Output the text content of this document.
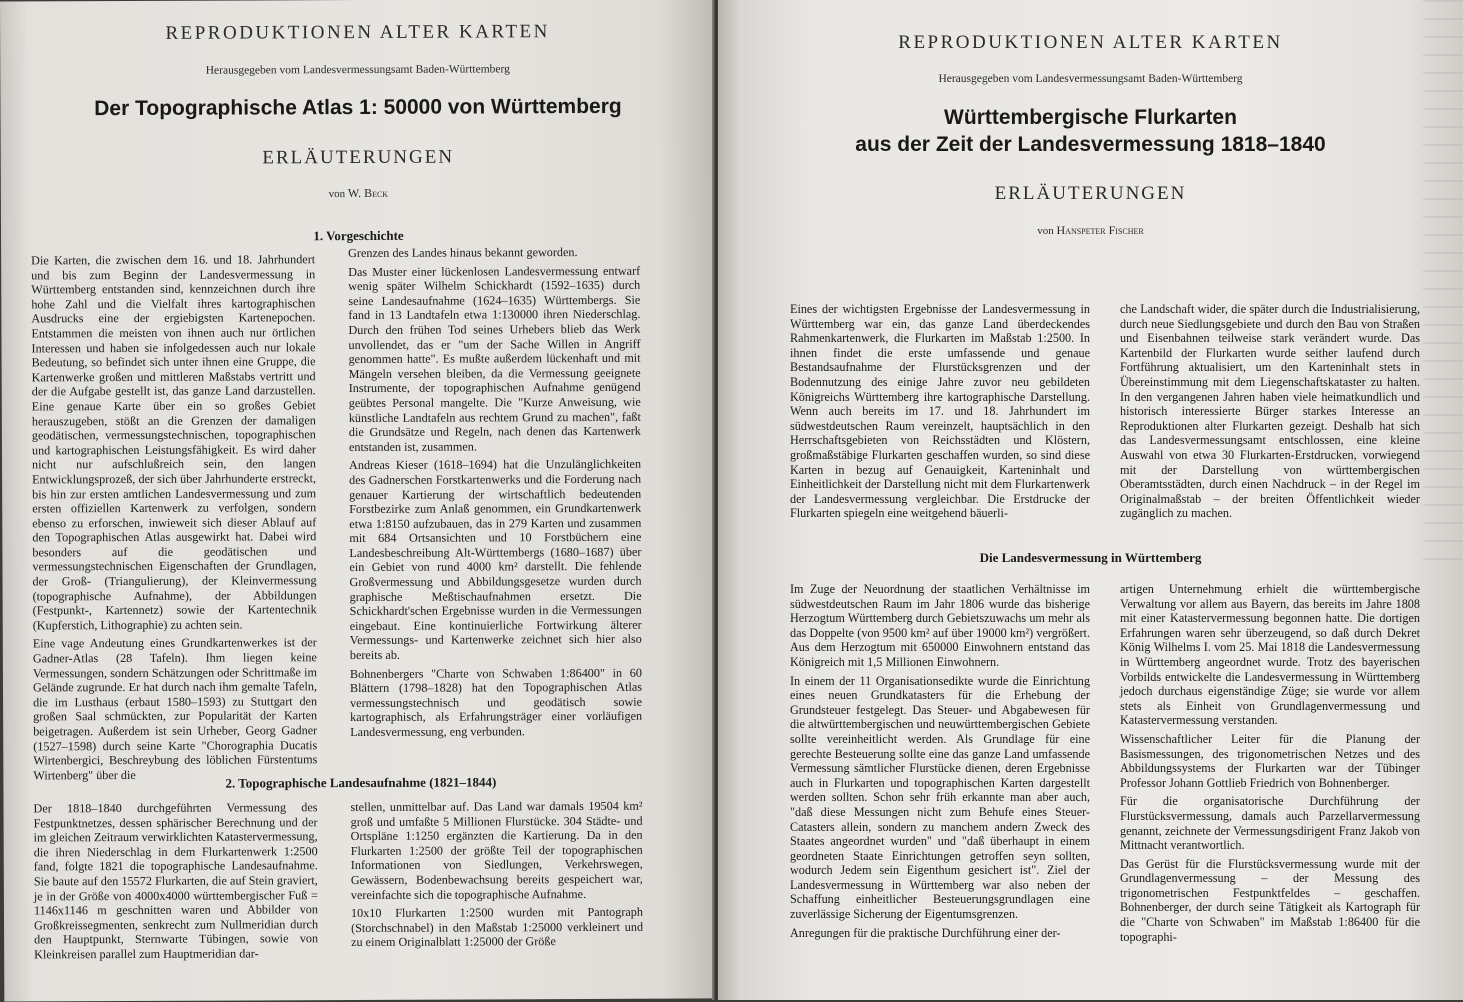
REPRODUKTIONEN ALTER KARTEN
Herausgegeben vom Landesvermessungsamt Baden-Württemberg
Der Topographische Atlas 1: 50000 von Württemberg
ERLÄUTERUNGEN
von W. Beck
1. Vorgeschichte

Die Karten, die zwischen dem 16. und 18. Jahrhundert und bis zum Beginn der Landesvermessung in Württemberg entstanden sind, kennzeichnen durch ihre hohe Zahl und die Vielfalt ihres kartographischen Ausdrucks eine der ergiebigsten Kartenepochen. Entstammen die meisten von ihnen auch nur örtlichen Interessen und haben sie infolgedessen auch nur lokale Bedeutung, so befindet sich unter ihnen eine Gruppe, die Kartenwerke großen und mittleren Maßstabs vertritt und der die Aufgabe gestellt ist, das ganze Land darzustellen. Eine genaue Karte über ein so großes Gebiet herauszugeben, stößt an die Grenzen der damaligen geodätischen, vermessungstechnischen, topographischen und kartographischen Leistungsfähigkeit. Es wird daher nicht nur aufschlußreich sein, den langen Entwicklungsprozeß, der sich über Jahrhunderte erstreckt, bis hin zur ersten amtlichen Landesvermessung und zum ersten offiziellen Kartenwerk zu verfolgen, sondern ebenso zu erforschen, inwieweit sich dieser Ablauf auf den Topographischen Atlas ausgewirkt hat. Dabei wird besonders auf die geodätischen und vermessungstechnischen Eigenschaften der Grundlagen, der Groß- (Triangulierung), der Kleinvermessung (topographische Aufnahme), der Abbildungen (Festpunkt-, Kartennetz) sowie der Kartentechnik (Kupferstich, Lithographie) zu achten sein.

Eine vage Andeutung eines Grundkartenwerkes ist der Gadner-Atlas (28 Tafeln). Ihm liegen keine Vermessungen, sondern Schätzungen oder Schrittmaße im Gelände zugrunde. Er hat durch nach ihm gemalte Tafeln, die im Lusthaus (erbaut 1580–1593) zu Stuttgart den großen Saal schmückten, zur Popularität der Karten beigetragen. Außerdem ist sein Urheber, Georg Gadner (1527–1598) durch seine Karte "Chorographia Ducatis Wirtenbergici, Beschreybung des löblichen Fürstentums Wirtenberg" über die

Grenzen des Landes hinaus bekannt geworden.

Das Muster einer lückenlosen Landesvermessung entwarf wenig später Wilhelm Schickhardt (1592–1635) durch seine Landesaufnahme (1624–1635) Württembergs. Sie fand in 13 Landtafeln etwa 1:130000 ihren Niederschlag. Durch den frühen Tod seines Urhebers blieb das Werk unvollendet, das er "um der Sache Willen in Angriff genommen hatte". Es mußte außerdem lückenhaft und mit Mängeln versehen bleiben, da die Vermessung geeignete Instrumente, der topographischen Aufnahme genügend geübtes Personal mangelte. Die "Kurze Anweisung, wie künstliche Landtafeln aus rechtem Grund zu machen", faßt die Grundsätze und Regeln, nach denen das Kartenwerk entstanden ist, zusammen.

Andreas Kieser (1618–1694) hat die Unzulänglichkeiten des Gadnerschen Forstkartenwerks und die Forderung nach genauer Kartierung der wirtschaftlich bedeutenden Forstbezirke zum Anlaß genommen, ein Grundkartenwerk etwa 1:8150 aufzubauen, das in 279 Karten und zusammen mit 684 Ortsansichten und 10 Forstbüchern eine Landesbeschreibung Alt-Württembergs (1680–1687) über ein Gebiet von rund 4000 km² darstellt. Die fehlende Großvermessung und Abbildungsgesetze wurden durch graphische Meßtischaufnahmen ersetzt. Die Schickhardt'schen Ergebnisse wurden in die Vermessungen eingebaut. Eine kontinuierliche Fortwirkung älterer Vermessungs- und Kartenwerke zeichnet sich hier also bereits ab.

Bohnenbergers "Charte von Schwaben 1:86400" in 60 Blättern (1798–1828) hat den Topographischen Atlas vermessungstechnisch und geodätisch sowie kartographisch, als Erfahrungsträger einer vorläufigen Landesvermessung, eng verbunden.

2. Topographische Landesaufnahme (1821–1844)

Der 1818–1840 durchgeführten Vermessung des Festpunktnetzes, dessen sphärischer Berechnung und der im gleichen Zeitraum verwirklichten Katastervermessung, die ihren Niederschlag in dem Flurkartenwerk 1:2500 fand, folgte 1821 die topographische Landesaufnahme. Sie baute auf den 15572 Flurkarten, die auf Stein graviert, je in der Größe von 4000x4000 württembergischer Fuß = 1146x1146 m geschnitten waren und Abbilder von Großkreissegmenten, senkrecht zum Nullmeridian durch den Hauptpunkt, Sternwarte Tübingen, sowie von Kleinkreisen parallel zum Hauptmeridian dar-

stellen, unmittelbar auf. Das Land war damals 19504 km² groß und umfaßte 5 Millionen Flurstücke. 304 Städte- und Ortspläne 1:1250 ergänzten die Kartierung. Da in den Flurkarten 1:2500 der größte Teil der topographischen Informationen von Siedlungen, Verkehrswegen, Gewässern, Bodenbewachsung bereits gespeichert war, vereinfachte sich die topographische Aufnahme.

10x10 Flurkarten 1:2500 wurden mit Pantograph (Storchschnabel) in den Maßstab 1:25000 verkleinert und zu einem Originalblatt 1:25000 der Größe

REPRODUKTIONEN ALTER KARTEN
Herausgegeben vom Landesvermessungsamt Baden-Württemberg
Württembergische Flurkarten
aus der Zeit der Landesvermessung 1818–1840
ERLÄUTERUNGEN
von Hanspeter Fischer

Eines der wichtigsten Ergebnisse der Landesvermessung in Württemberg war ein, das ganze Land überdeckendes Rahmenkartenwerk, die Flurkarten im Maßstab 1:2500. In ihnen findet die erste umfassende und genaue Bestandsaufnahme der Flurstücksgrenzen und der Bodennutzung des einige Jahre zuvor neu gebildeten Königreichs Württemberg ihre kartographische Darstellung. Wenn auch bereits im 17. und 18. Jahrhundert im südwestdeutschen Raum vereinzelt, hauptsächlich in den Herrschaftsgebieten von Reichsstädten und Klöstern, großmaßstäbige Flurkarten geschaffen wurden, so sind diese Karten in bezug auf Genauigkeit, Karteninhalt und Einheitlichkeit der Darstellung nicht mit dem Flurkartenwerk der Landesvermessung vergleichbar. Die Erstdrucke der Flurkarten spiegeln eine weitgehend bäuerli-

che Landschaft wider, die später durch die Industrialisierung, durch neue Siedlungsgebiete und durch den Bau von Straßen und Eisenbahnen teilweise stark verändert wurde. Das Kartenbild der Flurkarten wurde seither laufend durch Fortführung aktualisiert, um den Karteninhalt stets in Übereinstimmung mit dem Liegenschaftskataster zu halten. In den vergangenen Jahren haben viele heimatkundlich und historisch interessierte Bürger starkes Interesse an Reproduktionen alter Flurkarten gezeigt. Deshalb hat sich das Landesvermessungsamt entschlossen, eine kleine Auswahl von etwa 30 Flurkarten-Erstdrucken, vorwiegend mit der Darstellung von württembergischen Oberamtsstädten, durch einen Nachdruck – in der Regel im Originalmaßstab – der breiten Öffentlichkeit wieder zugänglich zu machen.

Die Landesvermessung in Württemberg

Im Zuge der Neuordnung der staatlichen Verhältnisse im südwestdeutschen Raum im Jahr 1806 wurde das bisherige Herzogtum Württemberg durch Gebietszuwachs um mehr als das Doppelte (von 9500 km² auf über 19000 km²) vergrößert. Aus dem Herzogtum mit 650000 Einwohnern entstand das Königreich mit 1,5 Millionen Einwohnern.

In einem der 11 Organisationsedikte wurde die Einrichtung eines neuen Grundkatasters für die Erhebung der Grundsteuer festgelegt. Das Steuer- und Abgabewesen für die altwürttembergischen und neuwürttembergischen Gebiete sollte vereinheitlicht werden. Als Grundlage für eine gerechte Besteuerung sollte eine das ganze Land umfassende Vermessung sämtlicher Flurstücke dienen, deren Ergebnisse auch in Flurkarten und topographischen Karten dargestellt werden sollten. Schon sehr früh erkannte man aber auch, "daß diese Messungen nicht zum Behufe eines Steuer-Catasters allein, sondern zu manchem andern Zweck des Staates angeordnet wurden" und "daß überhaupt in einem geordneten Staate Einrichtungen getroffen seyn sollten, wodurch Jedem sein Eigenthum gesichert ist". Ziel der Landesvermessung in Württemberg war also neben der Schaffung einheitlicher Besteuerungsgrundlagen eine zuverlässige Sicherung der Eigentumsgrenzen.

Anregungen für die praktische Durchführung einer der-

artigen Unternehmung erhielt die württembergische Verwaltung vor allem aus Bayern, das bereits im Jahre 1808 mit einer Katastervermessung begonnen hatte. Die dortigen Erfahrungen waren sehr überzeugend, so daß durch Dekret König Wilhelms I. vom 25. Mai 1818 die Landesvermessung in Württemberg angeordnet wurde. Trotz des bayerischen Vorbilds entwickelte die Landesvermessung in Württemberg jedoch durchaus eigenständige Züge; sie wurde vor allem stets als Einheit von Grundlagenvermessung und Katastervermessung verstanden.

Wissenschaftlicher Leiter für die Planung der Basismessungen, des trigonometrischen Netzes und des Abbildungssystems der Flurkarten war der Tübinger Professor Johann Gottlieb Friedrich von Bohnenberger.

Für die organisatorische Durchführung der Flurstücksvermessung, damals auch Parzellarvermessung genannt, zeichnete der Vermessungsdirigent Franz Jakob von Mittnacht verantwortlich.

Das Gerüst für die Flurstücksvermessung wurde mit der Grundlagenvermessung – der Messung des trigonometrischen Festpunktfeldes – geschaffen. Bohnenberger, der durch seine Tätigkeit als Kartograph für die "Charte von Schwaben" im Maßstab 1:86400 für die topographi-
